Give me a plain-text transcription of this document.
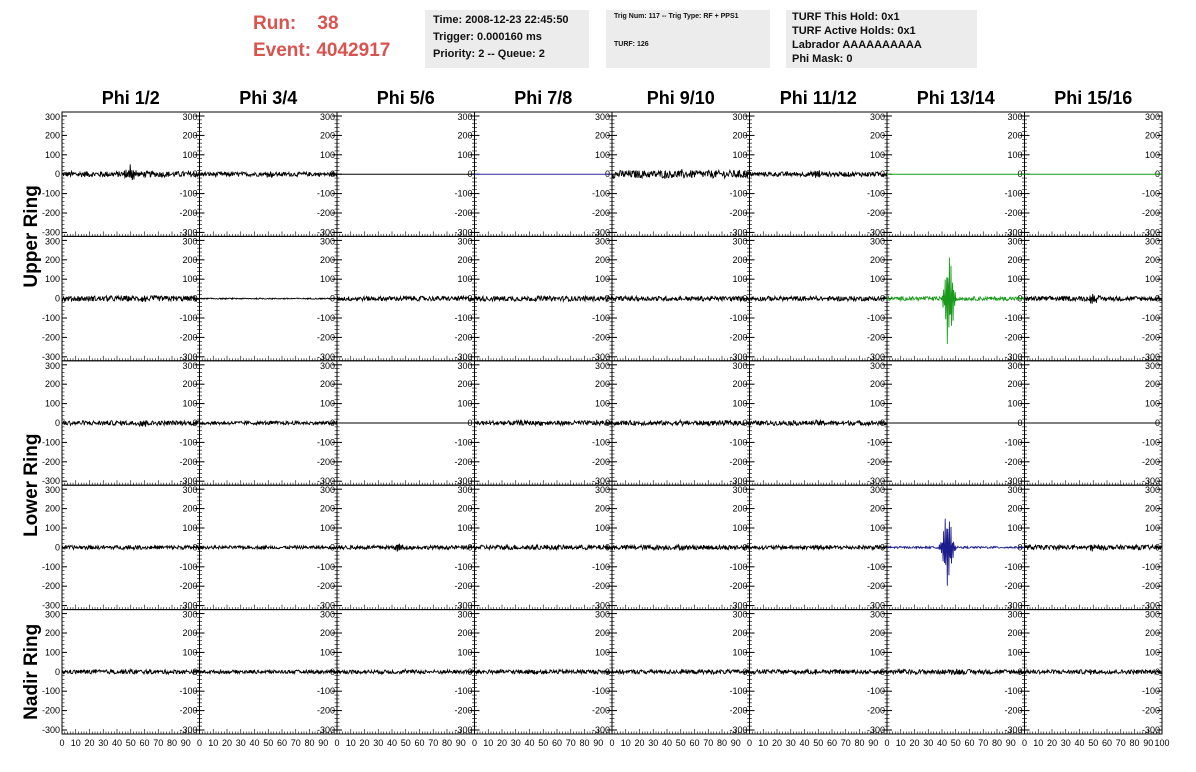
Run: 38
Event: 4042917
Time: 2008-12-23 22:45:50
Trigger: 0.000160 ms
Priority: 2 -- Queue: 2
Trig Num: 117 -- Trig Type: RF + PPS1
TURF: 126
TURF This Hold: 0x1
TURF Active Holds: 0x1
Labrador AAAAAAAAAA
Phi Mask: 0
Phi 1/2	Phi 3/4	Phi 5/6	Phi 7/8	Phi 9/10	Phi 11/12	Phi 13/14	Phi 15/16
Upper Ring
Lower Ring
Nadir Ring
300
300
200
200
100
100
0
0
-100
-100
-200
-200
-300
-300
300
200
100
0
-100
-200
-300
300
200
100
0
-100
-200
-300
300
200
100
0
-100
-200
-300
300
200
100
0
-100
-200
-300
300
200
100
0
-100
-200
-300
300
200
100
0
-100
-200
-300
300
200
100
0
-100
-200
-300
300
300
200
200
100
100
0
0
-100
-100
-200
-200
-300
-300
300
200
100
0
-100
-200
-300
300
200
100
0
-100
-200
-300
300
200
100
0
-100
-200
-300
300
200
100
0
-100
-200
-300
300
200
100
0
-100
-200
-300
300
200
100
0
-100
-200
-300
300
200
100
0
-100
-200
-300
300
300
200
200
100
100
0
0
-100
-100
-200
-200
-300
-300
300
200
100
0
-100
-200
-300
300
200
100
0
-100
-200
-300
300
200
100
0
-100
-200
-300
300
200
100
0
-100
-200
-300
300
200
100
0
-100
-200
-300
300
200
100
0
-100
-200
-300
300
200
100
0
-100
-200
-300
300
300
200
200
100
100
0
0
-100
-100
-200
-200
-300
-300
300
200
100
0
-100
-200
-300
300
200
100
0
-100
-200
-300
300
200
100
0
-100
-200
-300
300
200
100
0
-100
-200
-300
300
200
100
0
-100
-200
-300
300
200
100
0
-100
-200
-300
300
200
100
0
-100
-200
-300
300
300
200
200
100
100
0
0
-100
-100
-200
-200
-300
-300
0 10 20 30 40 50 60 70 80 90
300
200
100
0
-100
-200
-300
0 10 20 30 40 50 60 70 80 90
300
200
100
0
-100
-200
-300
0 10 20 30 40 50 60 70 80 90
300
200
100
0
-100
-200
-300
0 10 20 30 40 50 60 70 80 90
300
200
100
0
-100
-200
-300
0 10 20 30 40 50 60 70 80 90
300
200
100
0
-100
-200
-300
0 10 20 30 40 50 60 70 80 90
300
200
100
0
-100
-200
-300
0 10 20 30 40 50 60 70 80 90
300
200
100
0
-100
-200
-300
0 10 20 30 40 50 60 70 80 90 100
